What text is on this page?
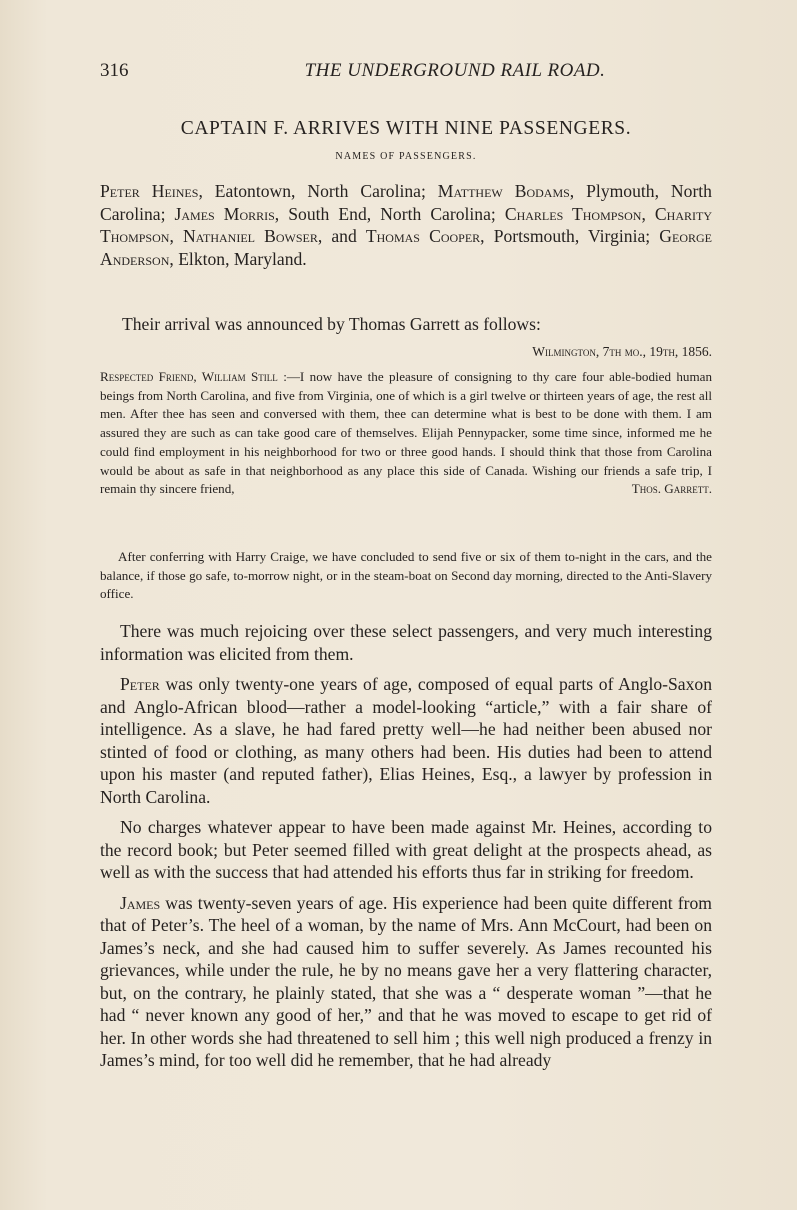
316	THE UNDERGROUND RAIL ROAD.
CAPTAIN F. ARRIVES WITH NINE PASSENGERS.
NAMES OF PASSENGERS.
Peter Heines, Eatontown, North Carolina; Matthew Bodams, Plymouth, North Carolina; James Morris, South End, North Carolina; Charles Thompson, Charity Thompson, Nathaniel Bowser, and Thomas Cooper, Portsmouth, Virginia; George Anderson, Elkton, Maryland.
Their arrival was announced by Thomas Garrett as follows:
Wilmington, 7th mo., 19th, 1856.

Respected Friend, William Still :—I now have the pleasure of consigning to thy care four able-bodied human beings from North Carolina, and five from Virginia, one of which is a girl twelve or thirteen years of age, the rest all men. After thee has seen and conversed with them, thee can determine what is best to be done with them. I am assured they are such as can take good care of themselves. Elijah Pennypacker, some time since, informed me he could find employment in his neighborhood for two or three good hands. I should think that those from Carolina would be about as safe in that neighborhood as any place this side of Canada. Wishing our friends a safe trip, I remain thy sincere friend,	Thos. Garrett.

After conferring with Harry Craige, we have concluded to send five or six of them to-night in the cars, and the balance, if those go safe, to-morrow night, or in the steam-boat on Second day morning, directed to the Anti-Slavery office.

There was much rejoicing over these select passengers, and very much interesting information was elicited from them.

Peter was only twenty-one years of age, composed of equal parts of Anglo-Saxon and Anglo-African blood—rather a model-looking “article,” with a fair share of intelligence. As a slave, he had fared pretty well—he had neither been abused nor stinted of food or clothing, as many others had been. His duties had been to attend upon his master (and reputed father), Elias Heines, Esq., a lawyer by profession in North Carolina.

No charges whatever appear to have been made against Mr. Heines, according to the record book; but Peter seemed filled with great delight at the prospects ahead, as well as with the success that had attended his efforts thus far in striking for freedom.

James was twenty-seven years of age. His experience had been quite different from that of Peter’s. The heel of a woman, by the name of Mrs. Ann McCourt, had been on James’s neck, and she had caused him to suffer severely. As James recounted his grievances, while under the rule, he by no means gave her a very flattering character, but, on the contrary, he plainly stated, that she was a “ desperate woman ”—that he had “ never known any good of her,” and that he was moved to escape to get rid of her. In other words she had threatened to sell him ; this well nigh produced a frenzy in James’s mind, for too well did he remember, that he had already
